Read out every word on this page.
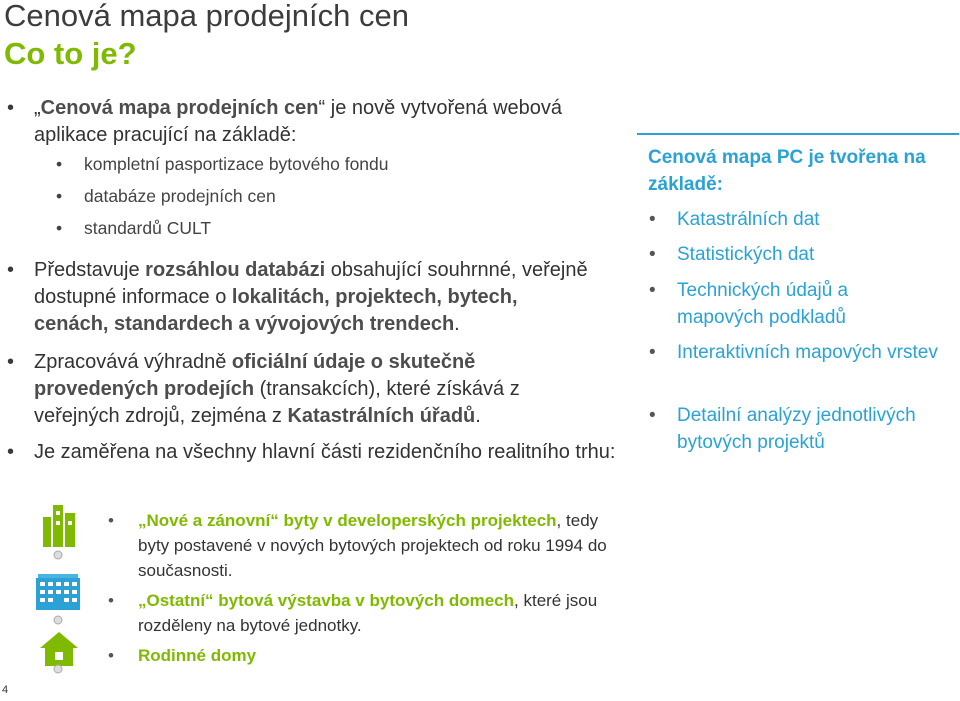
Cenová mapa prodejních cen
Co to je?
• „Cenová mapa prodejních cen“ je nově vytvořená webová aplikace pracující na základě:
• kompletní pasportizace bytového fondu
• databáze prodejních cen
• standardů CULT
• Představuje rozsáhlou databázi obsahující souhrnné, veřejně dostupné informace o lokalitách, projektech, bytech, cenách, standardech a vývojových trendech.
• Zpracovává výhradně oficiální údaje o skutečně provedených prodejích (transakcích), které získává z veřejných zdrojů, zejména z Katastrálních úřadů.
• Je zaměřena na všechny hlavní části rezidenčního realitního trhu:
• „Nové a zánovní“ byty v developerských projektech, tedy byty postavené v nových bytových projektech od roku 1994 do současnosti.
• „Ostatní“ bytová výstavba v bytových domech, které jsou rozděleny na bytové jednotky.
• Rodinné domy
Cenová mapa PC je tvořena na základě:
• Katastrálních dat
• Statistických dat
• Technických údajů a mapových podkladů
• Interaktivních mapových vrstev
• Detailní analýzy jednotlivých bytových projektů
4
